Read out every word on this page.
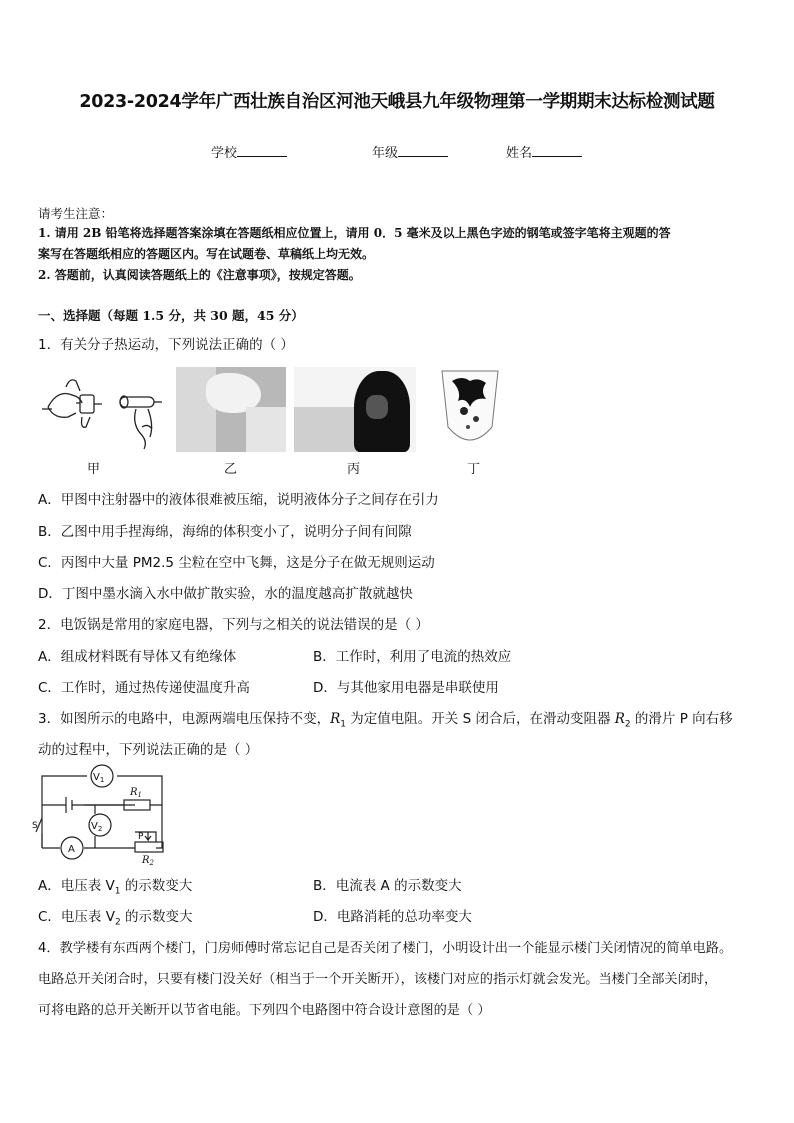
2023-2024学年广西壮族自治区河池天峨县九年级物理第一学期期末达标检测试题
学校	年级	姓名
请考生注意：
1. 请用 2B 铅笔将选择题答案涂填在答题纸相应位置上，请用 0．5 毫米及以上黑色字迹的钢笔或签字笔将主观题的答
案写在答题纸相应的答题区内。写在试题卷、草稿纸上均无效。
2. 答题前，认真阅读答题纸上的《注意事项》，按规定答题。
一、选择题（每题 1.5 分，共 30 题，45 分）
1．有关分子热运动，下列说法正确的（ ）
甲	乙	丙	丁
A．甲图中注射器中的液体很难被压缩，说明液体分子之间存在引力
B．乙图中用手捏海绵，海绵的体积变小了，说明分子间有间隙
C．丙图中大量 PM2.5 尘粒在空中飞舞，这是分子在做无规则运动
D．丁图中墨水滴入水中做扩散实验，水的温度越高扩散就越快
2．电饭锅是常用的家庭电器，下列与之相关的说法错误的是（ ）
A．组成材料既有导体又有绝缘体	B．工作时，利用了电流的热效应
C．工作时，通过热传递使温度升高	D．与其他家用电器是串联使用
3．如图所示的电路中，电源两端电压保持不变，$R_1$ 为定值电阻。开关 S 闭合后，在滑动变阻器 $R_2$ 的滑片 P 向右移
动的过程中，下列说法正确的是（ ）
$V_1$
$V_2$
$R_1$
$R_2$
S
A
P
A．电压表 $V_1$ 的示数变大	B．电流表 A 的示数变大
C．电压表 $V_2$ 的示数变大	D．电路消耗的总功率变大
4．教学楼有东西两个楼门，门房师傅时常忘记自己是否关闭了楼门，小明设计出一个能显示楼门关闭情况的简单电路。
电路总开关闭合时，只要有楼门没关好（相当于一个开关断开），该楼门对应的指示灯就会发光。当楼门全部关闭时，
可将电路的总开关断开以节省电能。下列四个电路图中符合设计意图的是（ ）
